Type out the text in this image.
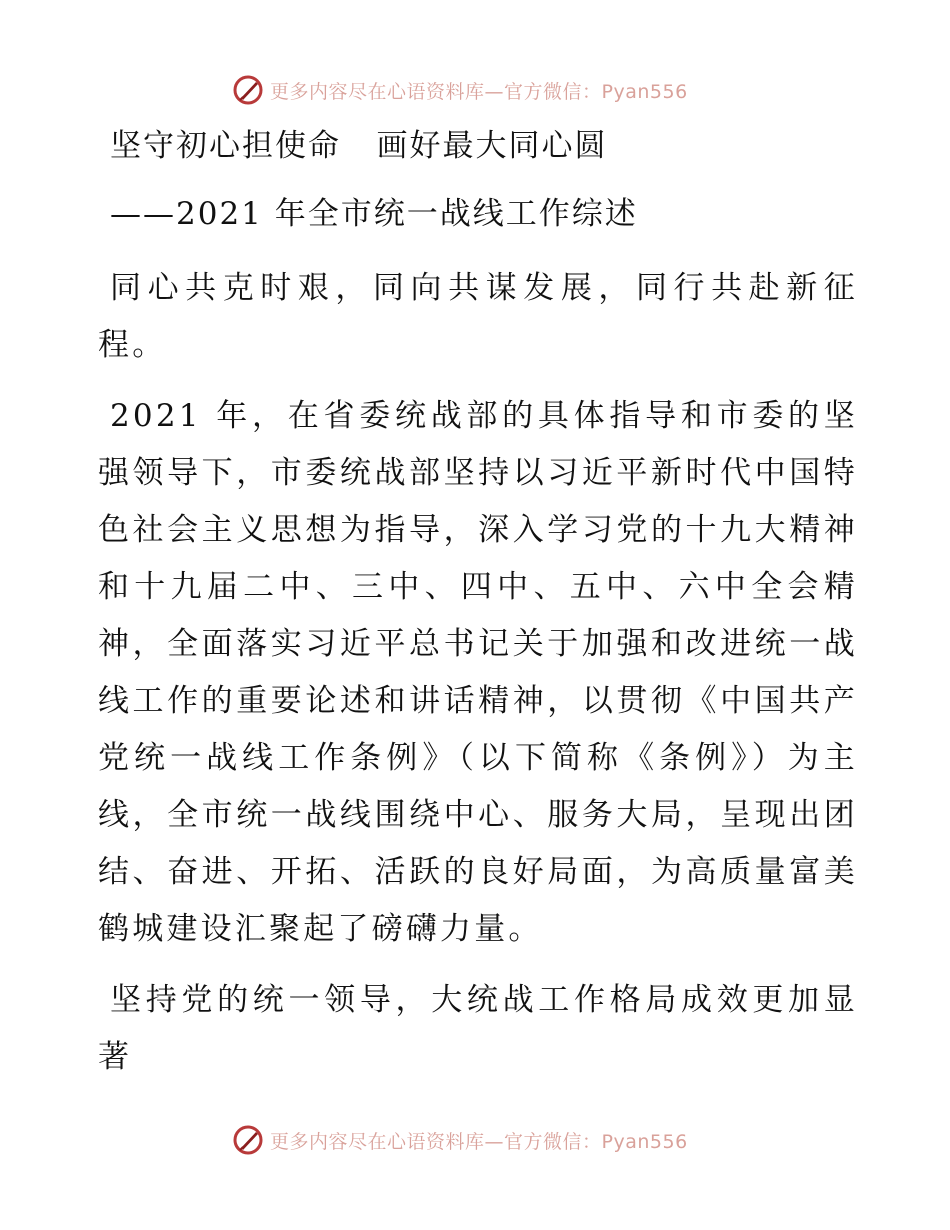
更多内容尽在心语资料库—官方微信：Pyan556
坚守初心担使命   画好最大同心圆
——2021 年全市统一战线工作综述

同心共克时艰，同向共谋发展，同行共赴新征程。

2021 年，在省委统战部的具体指导和市委的坚强领导下，市委统战部坚持以习近平新时代中国特色社会主义思想为指导，深入学习党的十九大精神和十九届二中、三中、四中、五中、六中全会精神，全面落实习近平总书记关于加强和改进统一战线工作的重要论述和讲话精神，以贯彻《中国共产党统一战线工作条例》（以下简称《条例》）为主线，全市统一战线围绕中心、服务大局，呈现出团结、奋进、开拓、活跃的良好局面，为高质量富美鹤城建设汇聚起了磅礴力量。

坚持党的统一领导，大统战工作格局成效更加显著

更多内容尽在心语资料库—官方微信：Pyan556
